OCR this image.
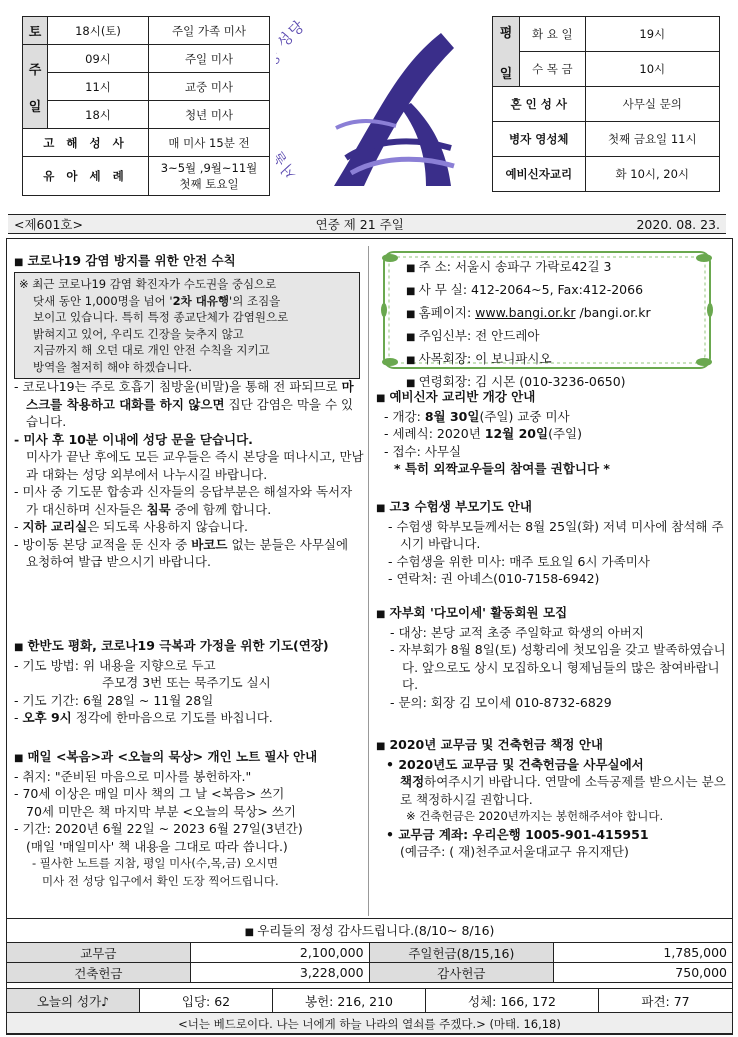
토	18시(토)	주일 가족 미사

주
일	09시	주일 미사
	11시	교중 미사
	18시	청년 미사
고 해 성 사		매 미사 15분 전
유 아 세 례		3~5월 ,9월~11월
첫째 토요일
서 성당	평
일	화 요 일	19시
	수 목 금	10시
혼 인 성 사		사무실 문의
병자 영성체		첫째 금요일 11시
예비신자교리		화 10시, 20시
<제601호>	연중 제 21 주일	2020. 08. 23.

■ 코로나19 감염 방지를 위한 안전 수칙

※ 최근 코로나19 감염 확진자가 수도권을 중심으로
닷새 동안 1,000명을 넘어 '2차 대유행'의 조짐을
보이고 있습니다. 특히 특정 종교단체가 감염원으로
밝혀지고 있어, 우리도 긴장을 늦추지 않고
지금까지 해 오던 대로 개인 안전 수칙을 지키고
방역을 철저히 해야 하겠습니다.

- 코로나19는 주로 호흡기 침방울(비말)을 통해 전 파되므로 마스크를 착용하고 대화를 하지 않으면 집단 감염은 막을 수 있습니다.

- 미사 후 10분 이내에 성당 문을 닫습니다.

미사가 끝난 후에도 모든 교우들은 즉시 본당을 떠나시고, 만남과 대화는 성당 외부에서 나누시길 바랍니다.

- 미사 중 기도문 합송과 신자들의 응답부분은 해설자와 독서자가 대신하며 신자들은 침묵 중에 함께 합니다.

- 지하 교리실은 되도록 사용하지 않습니다.

- 방이동 본당 교적을 둔 신자 중 바코드 없는 분들은 사무실에 요청하여 발급 받으시기 바랍니다.

■ 한반도 평화, 코로나19 극복과 가정을 위한 기도(연장)

- 기도 방법: 위 내용을 지향으로 두고

주모경 3번 또는 묵주기도 실시

- 기도 기간: 6월 28일 ~ 11월 28일

- 오후 9시 정각에 한마음으로 기도를 바칩니다.

■ 매일 <복음>과 <오늘의 묵상> 개인 노트 필사 안내

- 취지: "준비된 마음으로 미사를 봉헌하자."

- 70세 이상은 매일 미사 책의 그 날 <복음> 쓰기

70세 미만은 책 마지막 부분 <오늘의 묵상> 쓰기

- 기간: 2020년 6월 22일 ~ 2023 6월 27일(3년간)

(매일 '매일미사' 책 내용을 그대로 따라 씁니다.)

- 필사한 노트를 지참, 평일 미사(수,목,금) 오시면

미사 전 성당 입구에서 확인 도장 찍어드립니다.

■ 주 소: 서울시 송파구 가락로42길 3
■ 사 무 실: 412-2064~5, Fax:412-2066
■ 홈페이지: www.bangi.or.kr /bangi.or.kr
■ 주임신부: 전 안드레아
■ 사목회장: 이 보니파시오
■ 연령회장: 김 시몬 (010-3236-0650)

■ 예비신자 교리반 개강 안내

- 개강: 8월 30일(주일) 교중 미사

- 세례식: 2020년 12월 20일(주일)

- 접수: 사무실

* 특히 외짝교우들의 참여를 권합니다 *

■ 고3 수험생 부모기도 안내

- 수험생 학부모들께서는 8월 25일(화) 저녁 미사에 참석해 주시기 바랍니다.

- 수험생을 위한 미사: 매주 토요일 6시 가족미사

- 연락처: 권 아녜스(010-7158-6942)

■ 자부회 '다모이세' 활동회원 모집

- 대상: 본당 교적 초중 주일학교 학생의 아버지

- 자부회가 8월 8일(토) 성황리에 첫모임을 갖고 발족하였습니다. 앞으로도 상시 모집하오니 형제님들의 많은 참여바랍니다.

- 문의: 회장 김 모이세 010-8732-6829

■ 2020년 교무금 및 건축헌금 책정 안내

• 2020년도 교무금 및 건축헌금을 사무실에서

책정하여주시기 바랍니다. 연말에 소득공제를 받으시는 분으로 책정하시길 권합니다.

※ 건축헌금은 2020년까지는 봉헌해주셔야 합니다.

• 교무금 계좌: 우리은행 1005-901-415951

(예금주: ( 재)천주교서울대교구 유지재단)

■ 우리들의 정성 감사드립니다.(8/10~ 8/16)
교무금	2,100,000	주일헌금(8/15,16)	1,785,000
건축헌금	3,228,000	감사헌금	750,000
오늘의 성가♪	입당: 62	봉헌: 216, 210	성체: 166, 172	파견: 77
<너는 베드로이다. 나는 너에게 하늘 나라의 열쇠를 주겠다.> (마태. 16,18)
